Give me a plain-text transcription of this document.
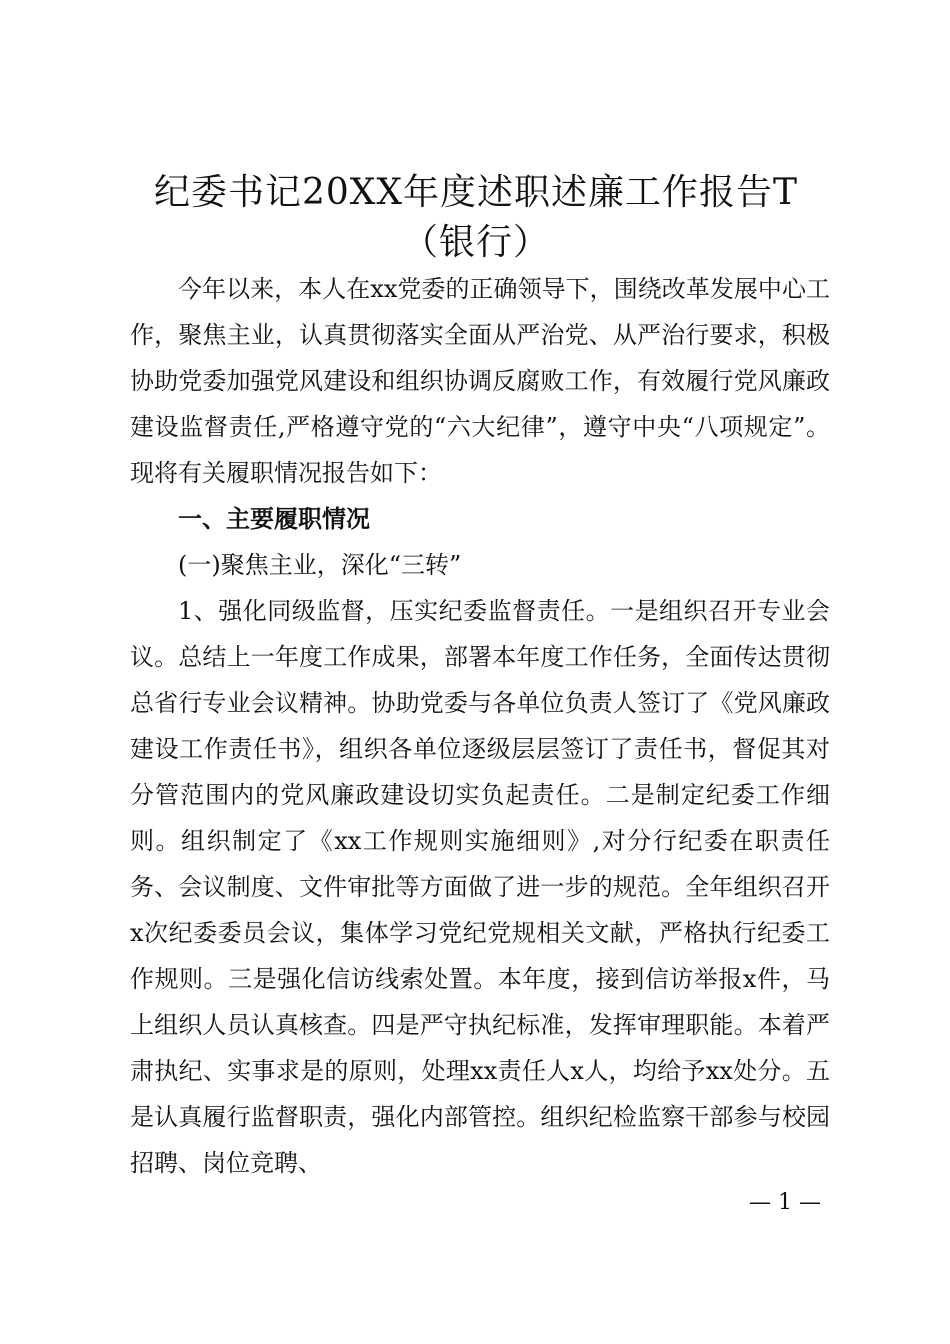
纪委书记20XX年度述职述廉工作报告T（银行）

今年以来，本人在xx党委的正确领导下，围绕改革发展中心工作，聚焦主业，认真贯彻落实全面从严治党、从严治行要求，积极协助党委加强党风建设和组织协调反腐败工作，有效履行党风廉政建设监督责任,严格遵守党的“六大纪律”，遵守中央“八项规定”。现将有关履职情况报告如下：

一、主要履职情况

(一)聚焦主业，深化“三转”

1、强化同级监督，压实纪委监督责任。一是组织召开专业会议。总结上一年度工作成果，部署本年度工作任务，全面传达贯彻总省行专业会议精神。协助党委与各单位负责人签订了《党风廉政建设工作责任书》，组织各单位逐级层层签订了责任书，督促其对分管范围内的党风廉政建设切实负起责任。二是制定纪委工作细则。组织制定了《xx工作规则实施细则》,对分行纪委在职责任务、会议制度、文件审批等方面做了进一步的规范。全年组织召开x次纪委委员会议，集体学习党纪党规相关文献，严格执行纪委工作规则。三是强化信访线索处置。本年度，接到信访举报x件，马上组织人员认真核查。四是严守执纪标准，发挥审理职能。本着严肃执纪、实事求是的原则，处理xx责任人x人，均给予xx处分。五是认真履行监督职责，强化内部管控。组织纪检监察干部参与校园招聘、岗位竞聘、

— 1 —
